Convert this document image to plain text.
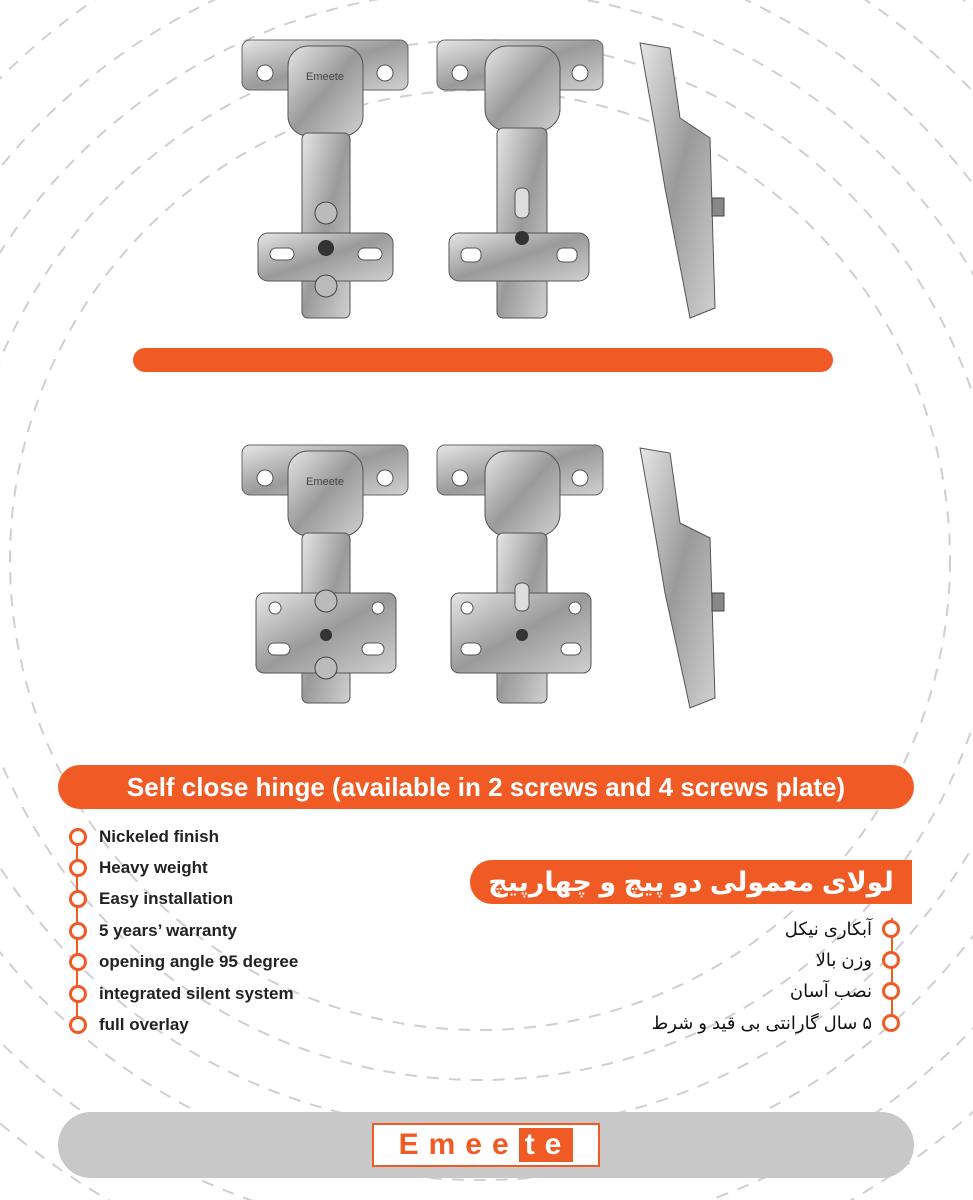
Emeete
Emeete
Self close hinge (available in 2 screws and 4 screws plate)
Nickeled finish
Heavy weight
Easy installation
5 years’ warranty
opening angle 95 degree
integrated silent system
full overlay
لولای معمولی دو پیچ و چهارپیچ
آبکاری نیکل
وزن بالا
نصب آسان
۵ سال گارانتی بی قید و شرط
Emee te
